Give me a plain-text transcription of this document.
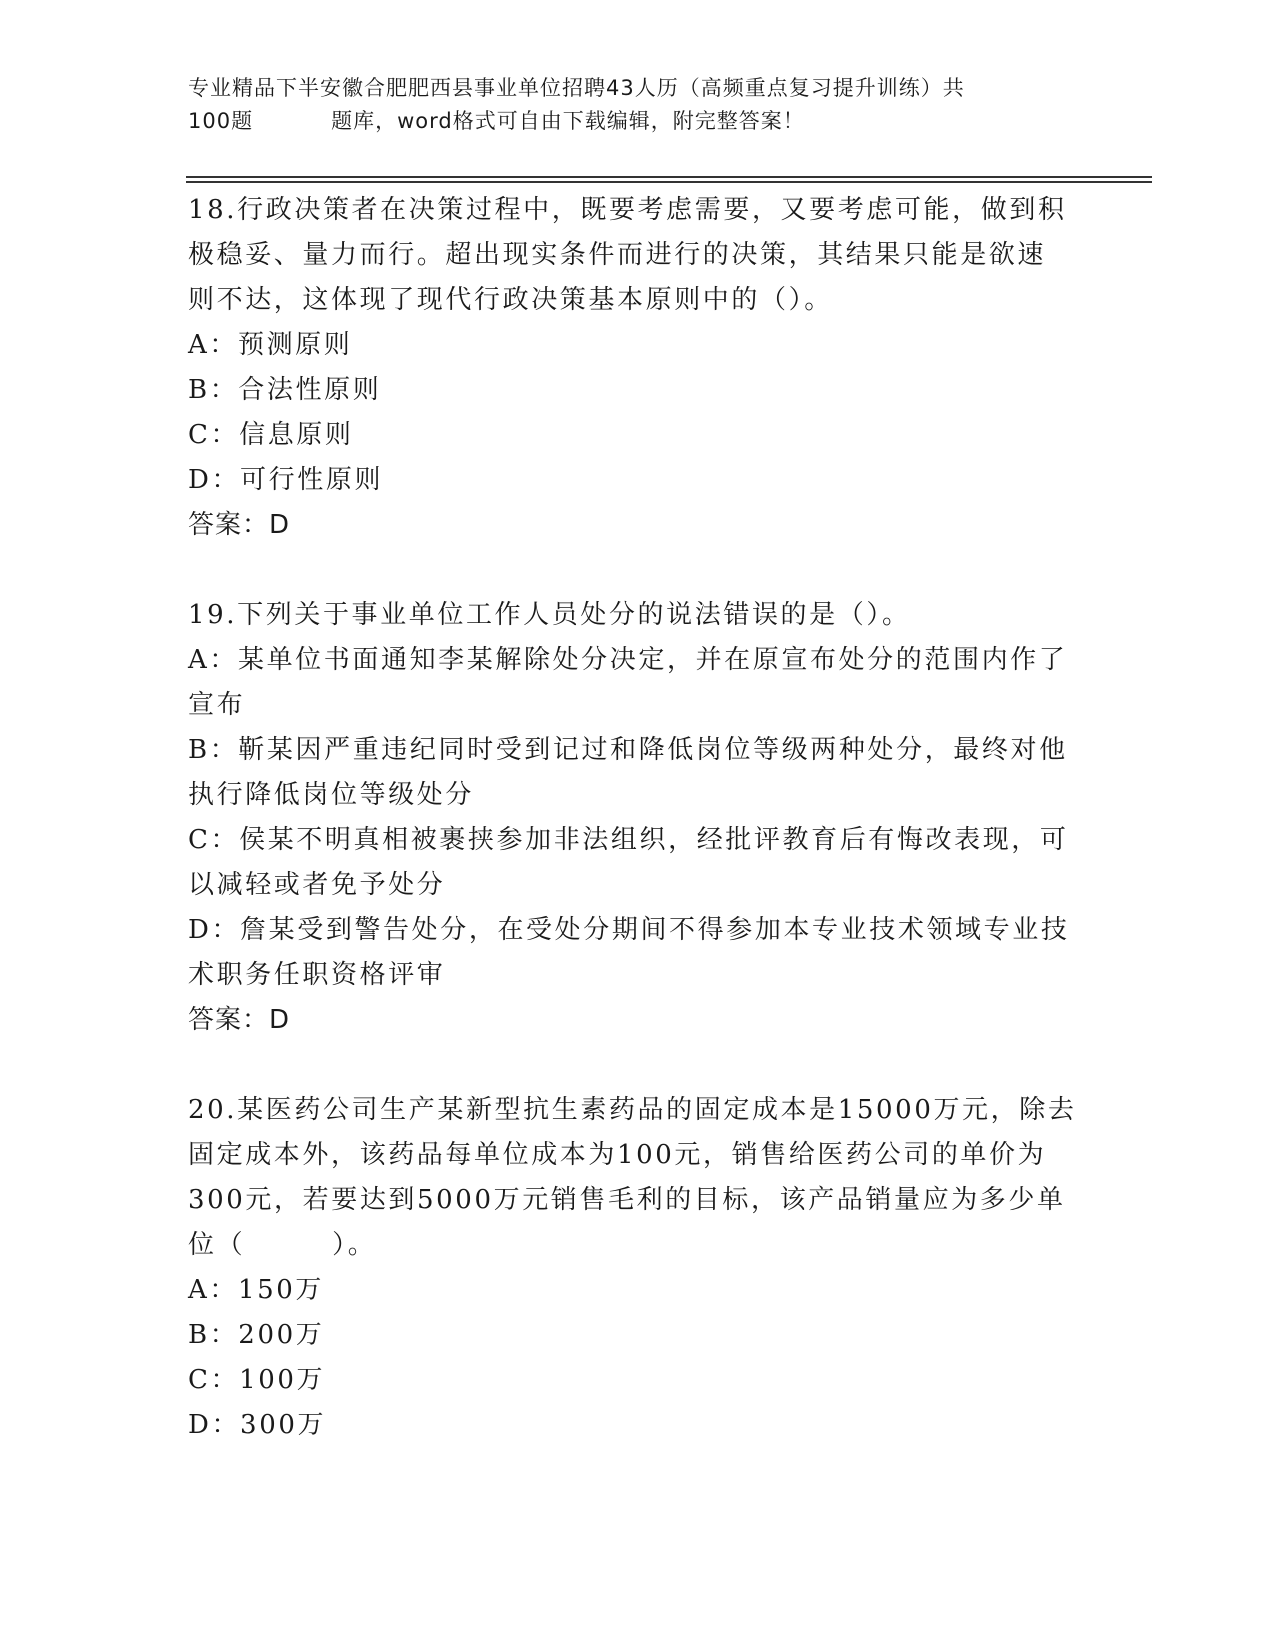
专业精品下半安徽合肥肥西县事业单位招聘43人历（高频重点复习提升训练）共
100题	题库，word格式可自由下载编辑，附完整答案！
18.行政决策者在决策过程中，既要考虑需要，又要考虑可能，做到积
极稳妥、量力而行。超出现实条件而进行的决策，其结果只能是欲速
则不达，这体现了现代行政决策基本原则中的（）。
A：预测原则
B：合法性原则
C：信息原则
D：可行性原则
答案：D
19.下列关于事业单位工作人员处分的说法错误的是（）。
A：某单位书面通知李某解除处分决定，并在原宣布处分的范围内作了
宣布
B：靳某因严重违纪同时受到记过和降低岗位等级两种处分，最终对他
执行降低岗位等级处分
C：侯某不明真相被裹挟参加非法组织，经批评教育后有悔改表现，可
以减轻或者免予处分
D：詹某受到警告处分，在受处分期间不得参加本专业技术领域专业技
术职务任职资格评审
答案：D
20.某医药公司生产某新型抗生素药品的固定成本是15000万元，除去
固定成本外，该药品每单位成本为100元，销售给医药公司的单价为
300元，若要达到5000万元销售毛利的目标，该产品销量应为多少单
位（        ）。
A：150万
B：200万
C：100万
D：300万
